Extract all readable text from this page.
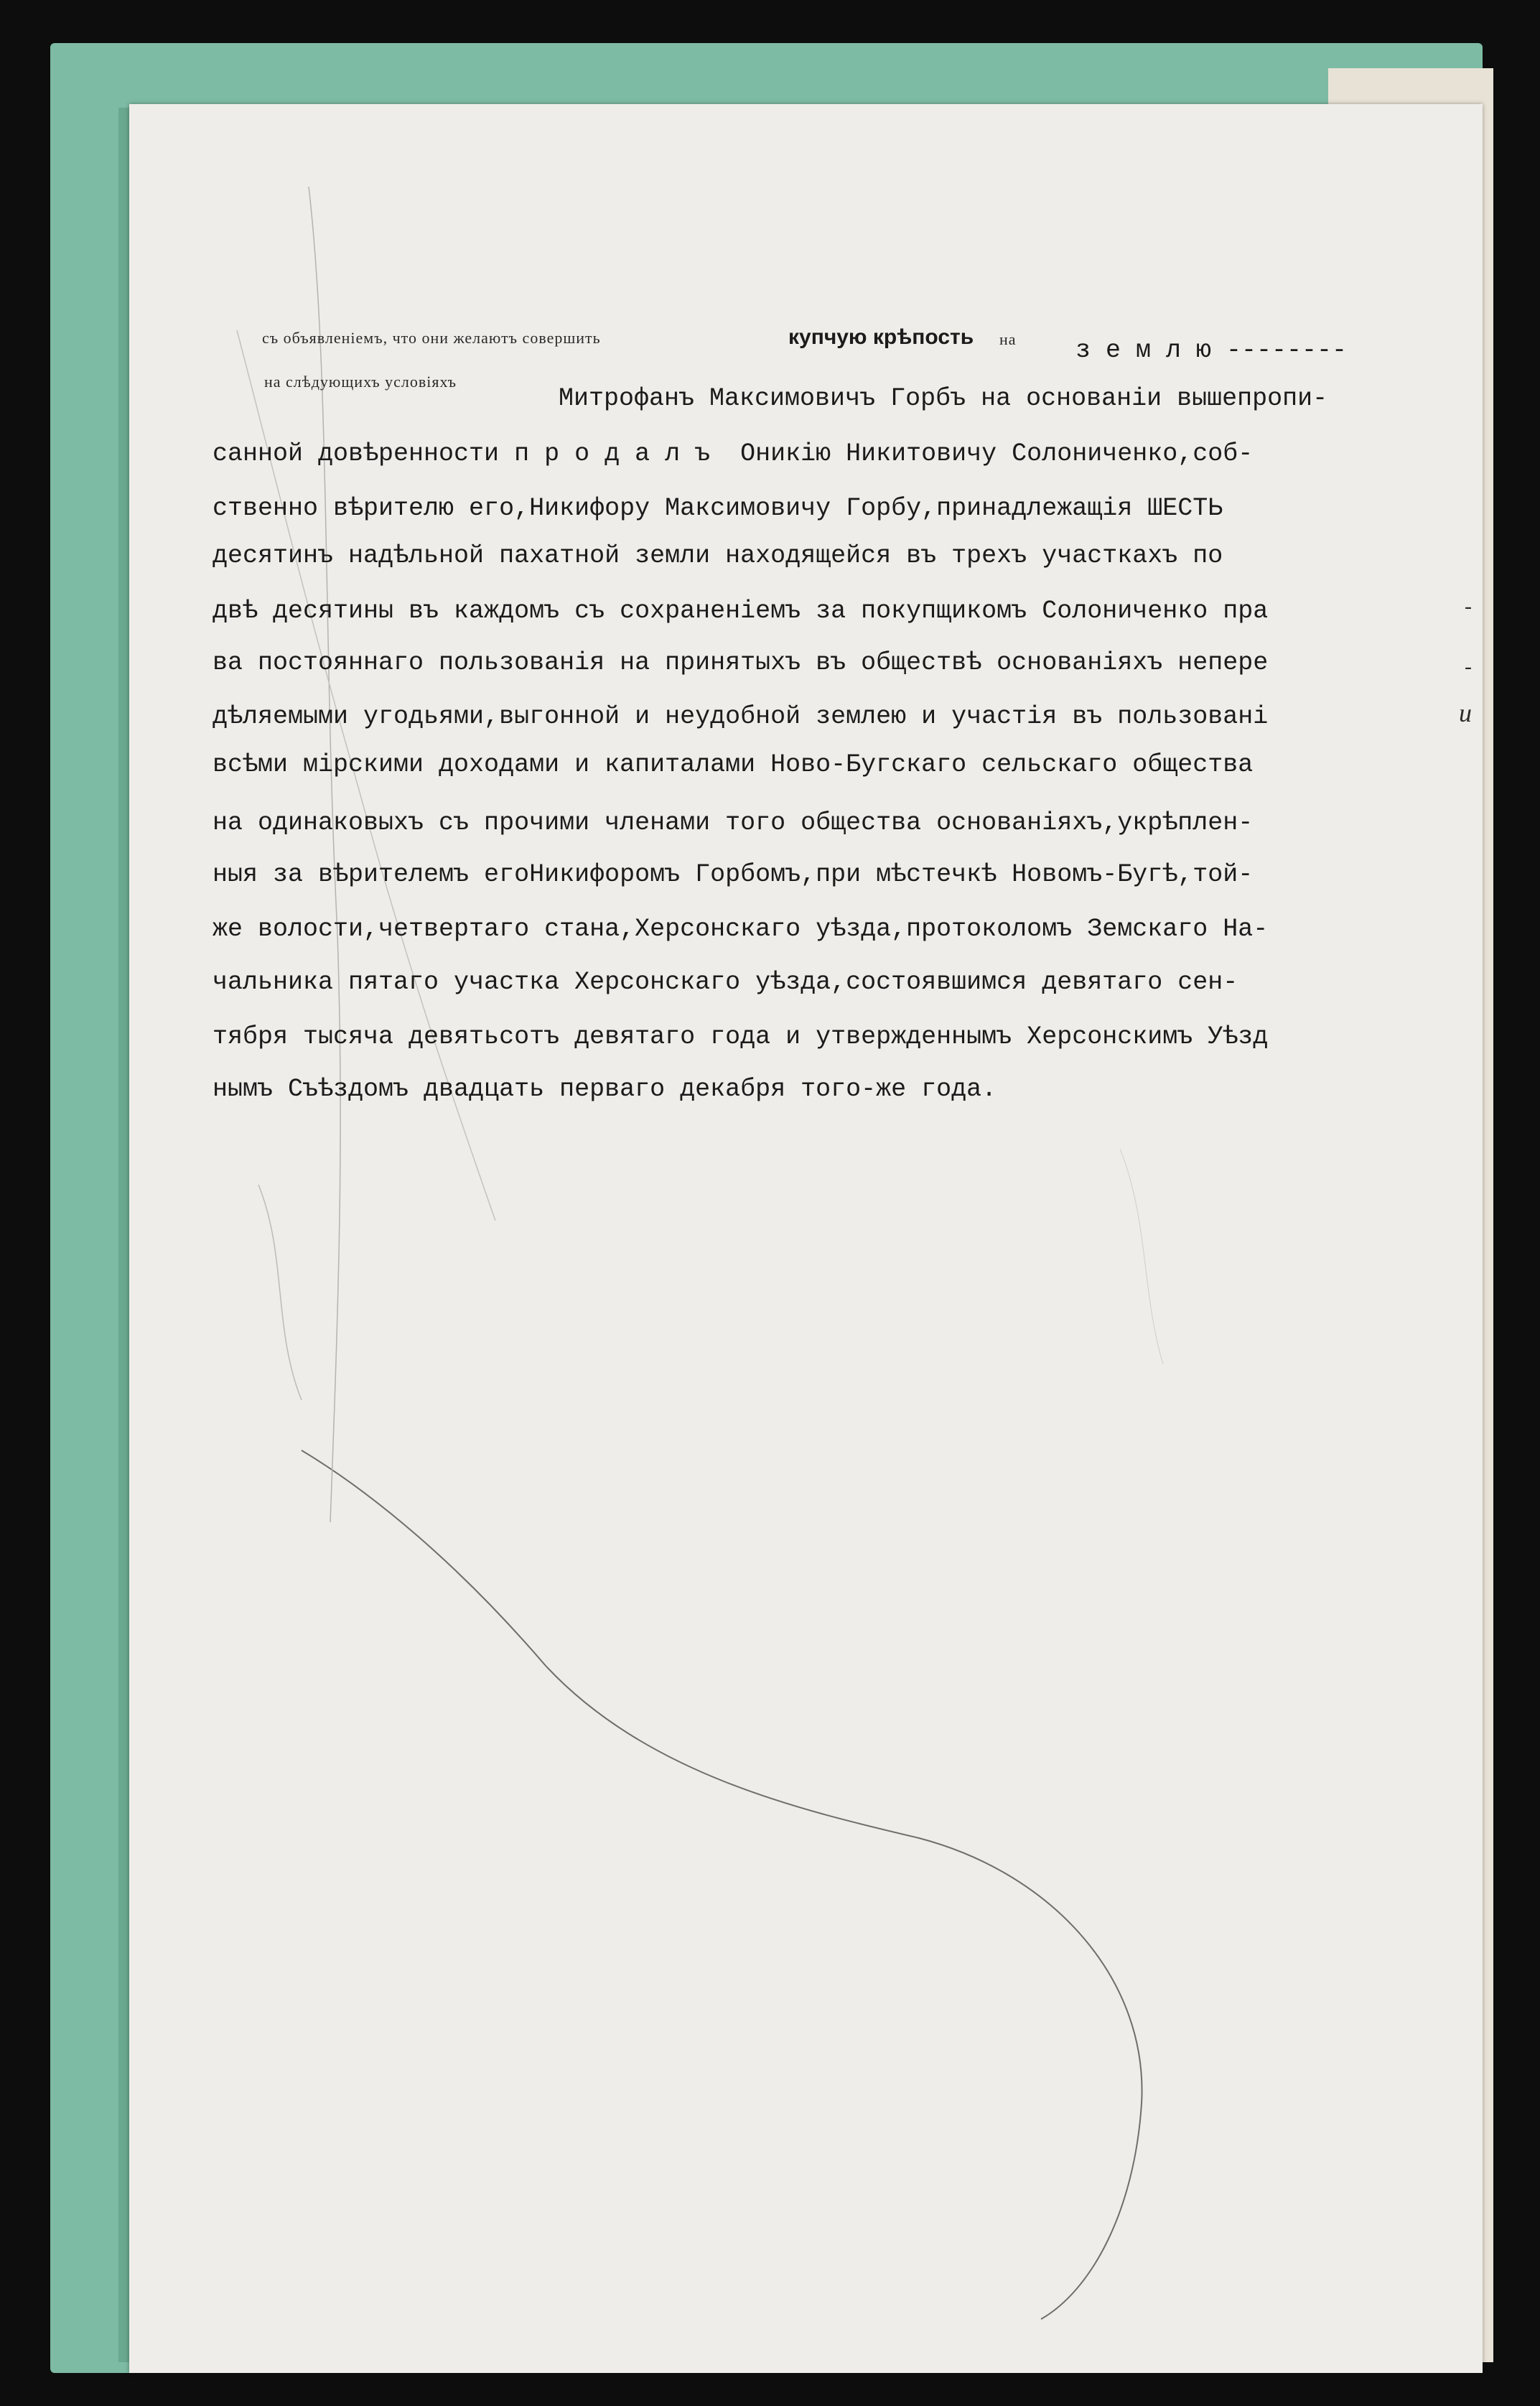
съ объявленіемъ, что они желаютъ совершить	купчую крѣпость на з е м л ю --------
на слѣдующихъ условіяхъ
Митрофанъ Максимовичъ Горбъ на основаніи вышепропи-
санной довѣренности п р о д а л ъ  Оникію Никитовичу Солониченко,соб-
ственно вѣрителю его,Никифору Максимовичу Горбу,принадлежащія ШЕСТЬ
десятинъ надѣльной пахатной земли находящейся въ трехъ участкахъ по
двѣ десятины въ каждомъ съ сохраненіемъ за покупщикомъ Солониченко пра
ва постояннаго пользованія на принятыхъ въ обществѣ основаніяхъ непере
дѣляемыми угодьями,выгонной и неудобной землею и участія въ пользовані
всѣми мірскими доходами и капиталами Ново-Бугскаго сельскаго общества
на одинаковыхъ съ прочими членами того общества основаніяхъ,укрѣплен-
ныя за вѣрителемъ егоНикифоромъ Горбомъ,при мѣстечкѣ Новомъ-Бугѣ,той-
же волости,четвертаго стана,Херсонскаго уѣзда,протоколомъ Земскаго На-
чальника пятаго участка Херсонскаго уѣзда,состоявшимся девятаго сен-
тября тысяча девятьсотъ девятаго года и утвержденнымъ Херсонскимъ Уѣзд
нымъ Съѣздомъ двадцать перваго декабря того-же года.
-
-
и
